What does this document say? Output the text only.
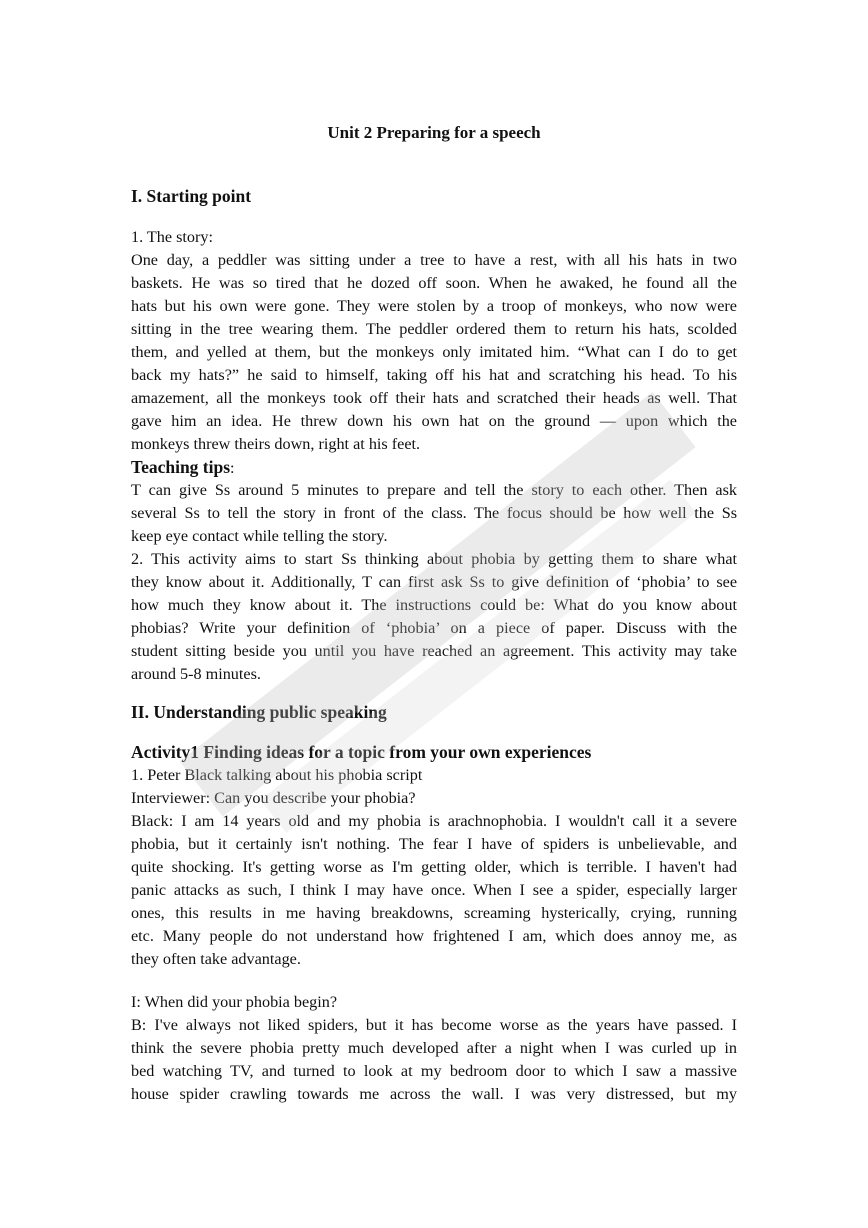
Unit 2 Preparing for a speech
I. Starting point
1. The story:
One day, a peddler was sitting under a tree to have a rest, with all his hats in two
baskets. He was so tired that he dozed off soon. When he awaked, he found all the
hats but his own were gone. They were stolen by a troop of monkeys, who now were
sitting in the tree wearing them. The peddler ordered them to return his hats, scolded
them, and yelled at them, but the monkeys only imitated him. “What can I do to get
back my hats?” he said to himself, taking off his hat and scratching his head. To his
amazement, all the monkeys took off their hats and scratched their heads as well. That
gave him an idea. He threw down his own hat on the ground — upon which the
monkeys threw theirs down, right at his feet.
Teaching tips:
T can give Ss around 5 minutes to prepare and tell the story to each other. Then ask
several Ss to tell the story in front of the class. The focus should be how well the Ss
keep eye contact while telling the story.
2. This activity aims to start Ss thinking about phobia by getting them to share what
they know about it. Additionally, T can first ask Ss to give definition of ‘phobia’ to see
how much they know about it. The instructions could be: What do you know about
phobias? Write your definition of ‘phobia’ on a piece of paper. Discuss with the
student sitting beside you until you have reached an agreement. This activity may take
around 5-8 minutes.
II. Understanding public speaking
Activity1 Finding ideas for a topic from your own experiences
1. Peter Black talking about his phobia script
Interviewer: Can you describe your phobia?
Black: I am 14 years old and my phobia is arachnophobia. I wouldn't call it a severe
phobia, but it certainly isn't nothing. The fear I have of spiders is unbelievable, and
quite shocking. It's getting worse as I'm getting older, which is terrible. I haven't had
panic attacks as such, I think I may have once. When I see a spider, especially larger
ones, this results in me having breakdowns, screaming hysterically, crying, running
etc. Many people do not understand how frightened I am, which does annoy me, as
they often take advantage.
I: When did your phobia begin?
B: I've always not liked spiders, but it has become worse as the years have passed. I
think the severe phobia pretty much developed after a night when I was curled up in
bed watching TV, and turned to look at my bedroom door to which I saw a massive
house spider crawling towards me across the wall. I was very distressed, but my
